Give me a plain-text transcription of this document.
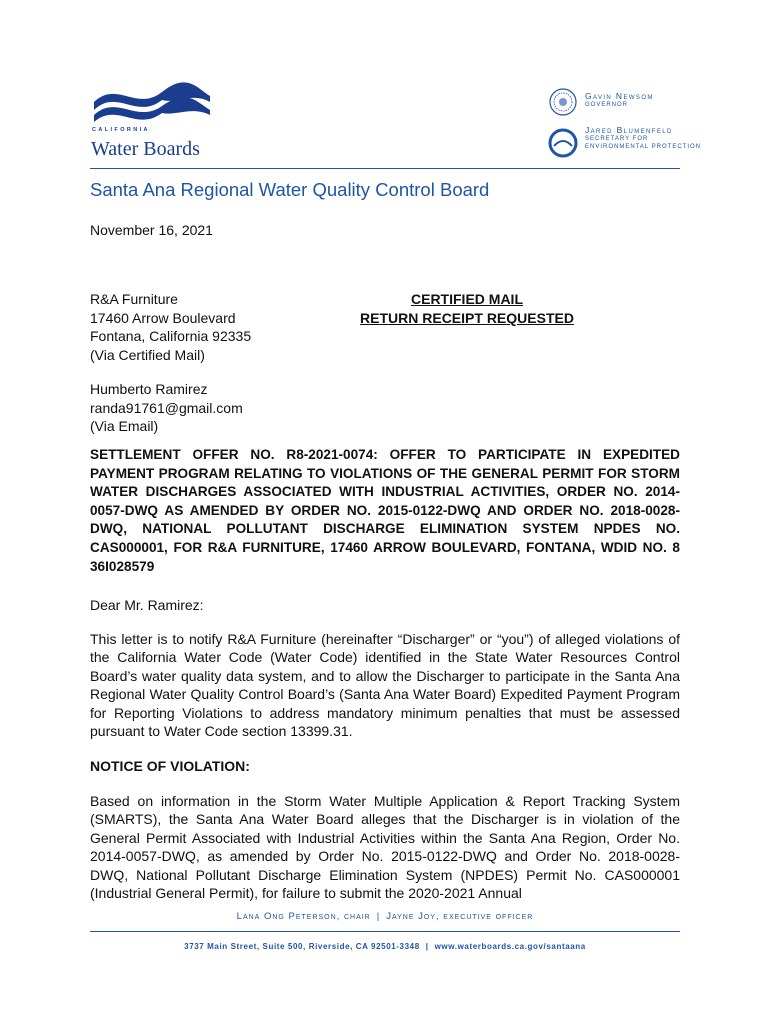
CALIFORNIA
Water Boards
Gavin Newsom
GOVERNOR
Jared Blumenfeld
SECRETARY FOR
ENVIRONMENTAL PROTECTION
Santa Ana Regional Water Quality Control Board
November 16, 2021
R&A Furniture
17460 Arrow Boulevard
Fontana, California 92335
(Via Certified Mail)
CERTIFIED MAIL
RETURN RECEIPT REQUESTED
Humberto Ramirez
randa91761@gmail.com
(Via Email)
SETTLEMENT OFFER NO. R8-2021-0074: OFFER TO PARTICIPATE IN EXPEDITED PAYMENT PROGRAM RELATING TO VIOLATIONS OF THE GENERAL PERMIT FOR STORM WATER DISCHARGES ASSOCIATED WITH INDUSTRIAL ACTIVITIES, ORDER NO. 2014-0057-DWQ AS AMENDED BY ORDER NO. 2015-0122-DWQ AND ORDER NO. 2018-0028-DWQ, NATIONAL POLLUTANT DISCHARGE ELIMINATION SYSTEM NPDES NO. CAS000001, FOR R&A FURNITURE, 17460 ARROW BOULEVARD, FONTANA, WDID NO. 8 36I028579
Dear Mr. Ramirez:
This letter is to notify R&A Furniture (hereinafter “Discharger” or “you”) of alleged violations of the California Water Code (Water Code) identified in the State Water Resources Control Board’s water quality data system, and to allow the Discharger to participate in the Santa Ana Regional Water Quality Control Board’s (Santa Ana Water Board) Expedited Payment Program for Reporting Violations to address mandatory minimum penalties that must be assessed pursuant to Water Code section 13399.31.
NOTICE OF VIOLATION:
Based on information in the Storm Water Multiple Application & Report Tracking System (SMARTS), the Santa Ana Water Board alleges that the Discharger is in violation of the General Permit Associated with Industrial Activities within the Santa Ana Region, Order No. 2014-0057-DWQ, as amended by Order No. 2015-0122-DWQ and Order No. 2018-0028-DWQ, National Pollutant Discharge Elimination System (NPDES) Permit No. CAS000001 (Industrial General Permit), for failure to submit the 2020-2021 Annual
Lana Ong Peterson, chair | Jayne Joy, executive officer
3737 Main Street, Suite 500, Riverside, CA 92501-3348 | www.waterboards.ca.gov/santaana
